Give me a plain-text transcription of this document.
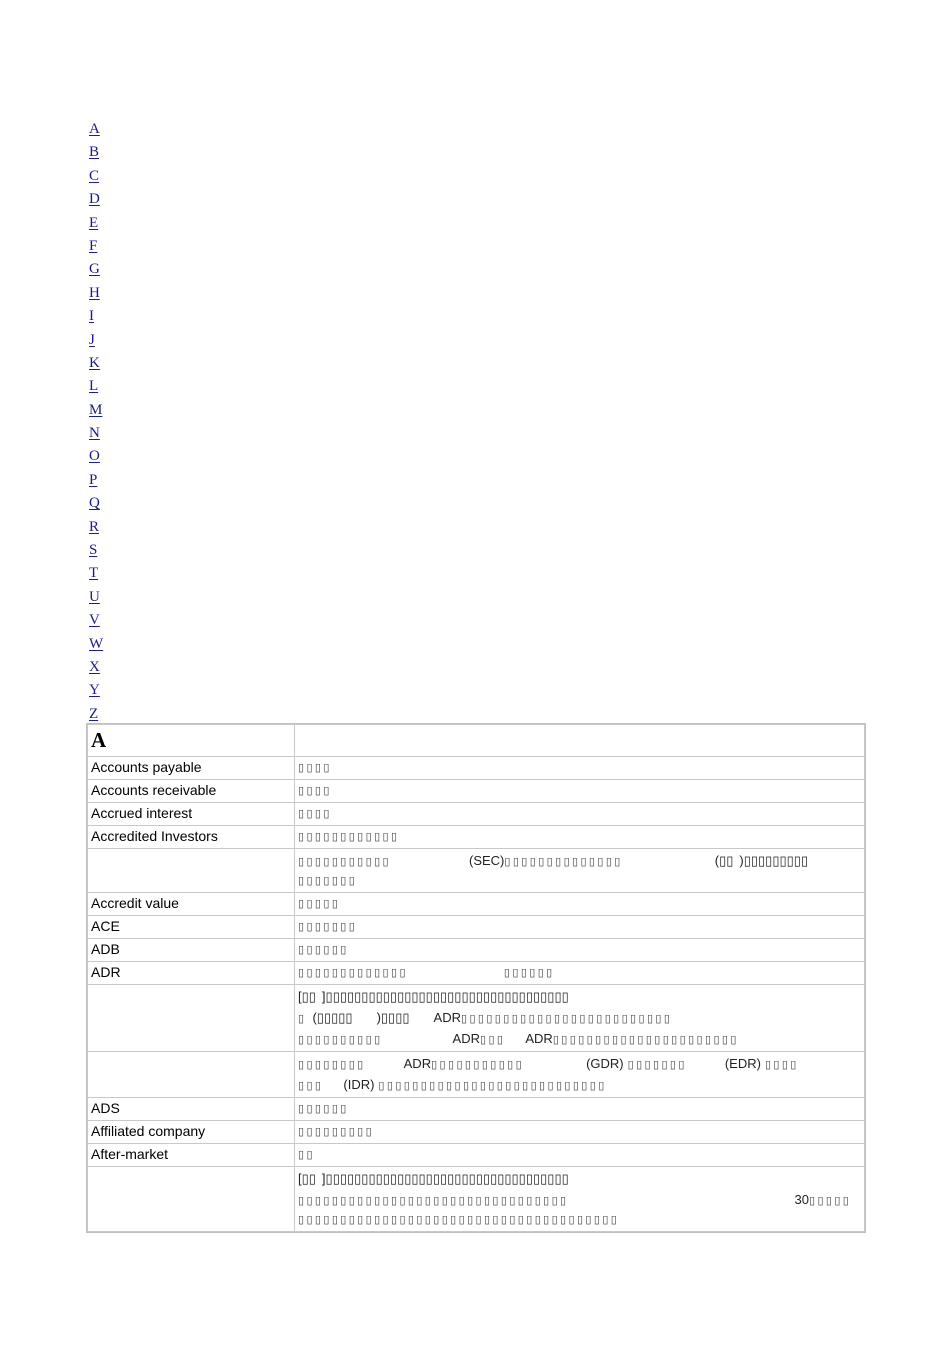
A
B
C
D
E
F
G
H
I
J
K
L
M
N
O
P
Q
R
S
T
U
V
W
X
Y
Z
A	
Accounts payable	▯▯▯▯
Accounts receivable	▯▯▯▯
Accrued interest	▯▯▯▯
Accredited Investors	▯▯▯▯▯▯▯▯▯▯▯▯
	▯▯▯▯▯▯▯▯▯▯▯ (SEC)▯▯▯▯▯▯▯▯▯▯▯▯▯▯ (▯▯ )▯▯▯▯▯▯▯▯▯
▯▯▯▯▯▯▯
Accredit value	▯▯▯▯▯
ACE	▯▯▯▯▯▯▯
ADB	▯▯▯▯▯▯
ADR	▯▯▯▯▯▯▯▯▯▯▯▯▯ ▯▯▯▯▯▯
	[▯▯ ]▯▯▯▯▯▯▯▯▯▯▯▯▯▯▯▯▯▯▯▯▯▯▯▯▯▯▯▯▯▯▯▯▯▯
▯ (▯▯▯▯▯ )▯▯▯▯ ADR▯▯▯▯▯▯▯▯▯▯▯▯▯▯▯▯▯▯▯▯▯▯▯▯▯
▯▯▯▯▯▯▯▯▯▯ ADR▯▯▯ ADR▯▯▯▯▯▯▯▯▯▯▯▯▯▯▯▯▯▯▯▯▯▯
	▯▯▯▯▯▯▯▯ ADR▯▯▯▯▯▯▯▯▯▯▯ (GDR) ▯▯▯▯▯▯▯ (EDR) ▯▯▯▯
▯▯▯ (IDR) ▯▯▯▯▯▯▯▯▯▯▯▯▯▯▯▯▯▯▯▯▯▯▯▯▯▯▯
ADS	▯▯▯▯▯▯
Affiliated company	▯▯▯▯▯▯▯▯▯
After-market	▯▯
	[▯▯ ]▯▯▯▯▯▯▯▯▯▯▯▯▯▯▯▯▯▯▯▯▯▯▯▯▯▯▯▯▯▯▯▯▯▯
▯▯▯▯▯▯▯▯▯▯▯▯▯▯▯▯▯▯▯▯▯▯▯▯▯▯▯▯▯▯▯▯ 30▯▯▯▯▯
▯▯▯▯▯▯▯▯▯▯▯▯▯▯▯▯▯▯▯▯▯▯▯▯▯▯▯▯▯▯▯▯▯▯▯▯▯▯
